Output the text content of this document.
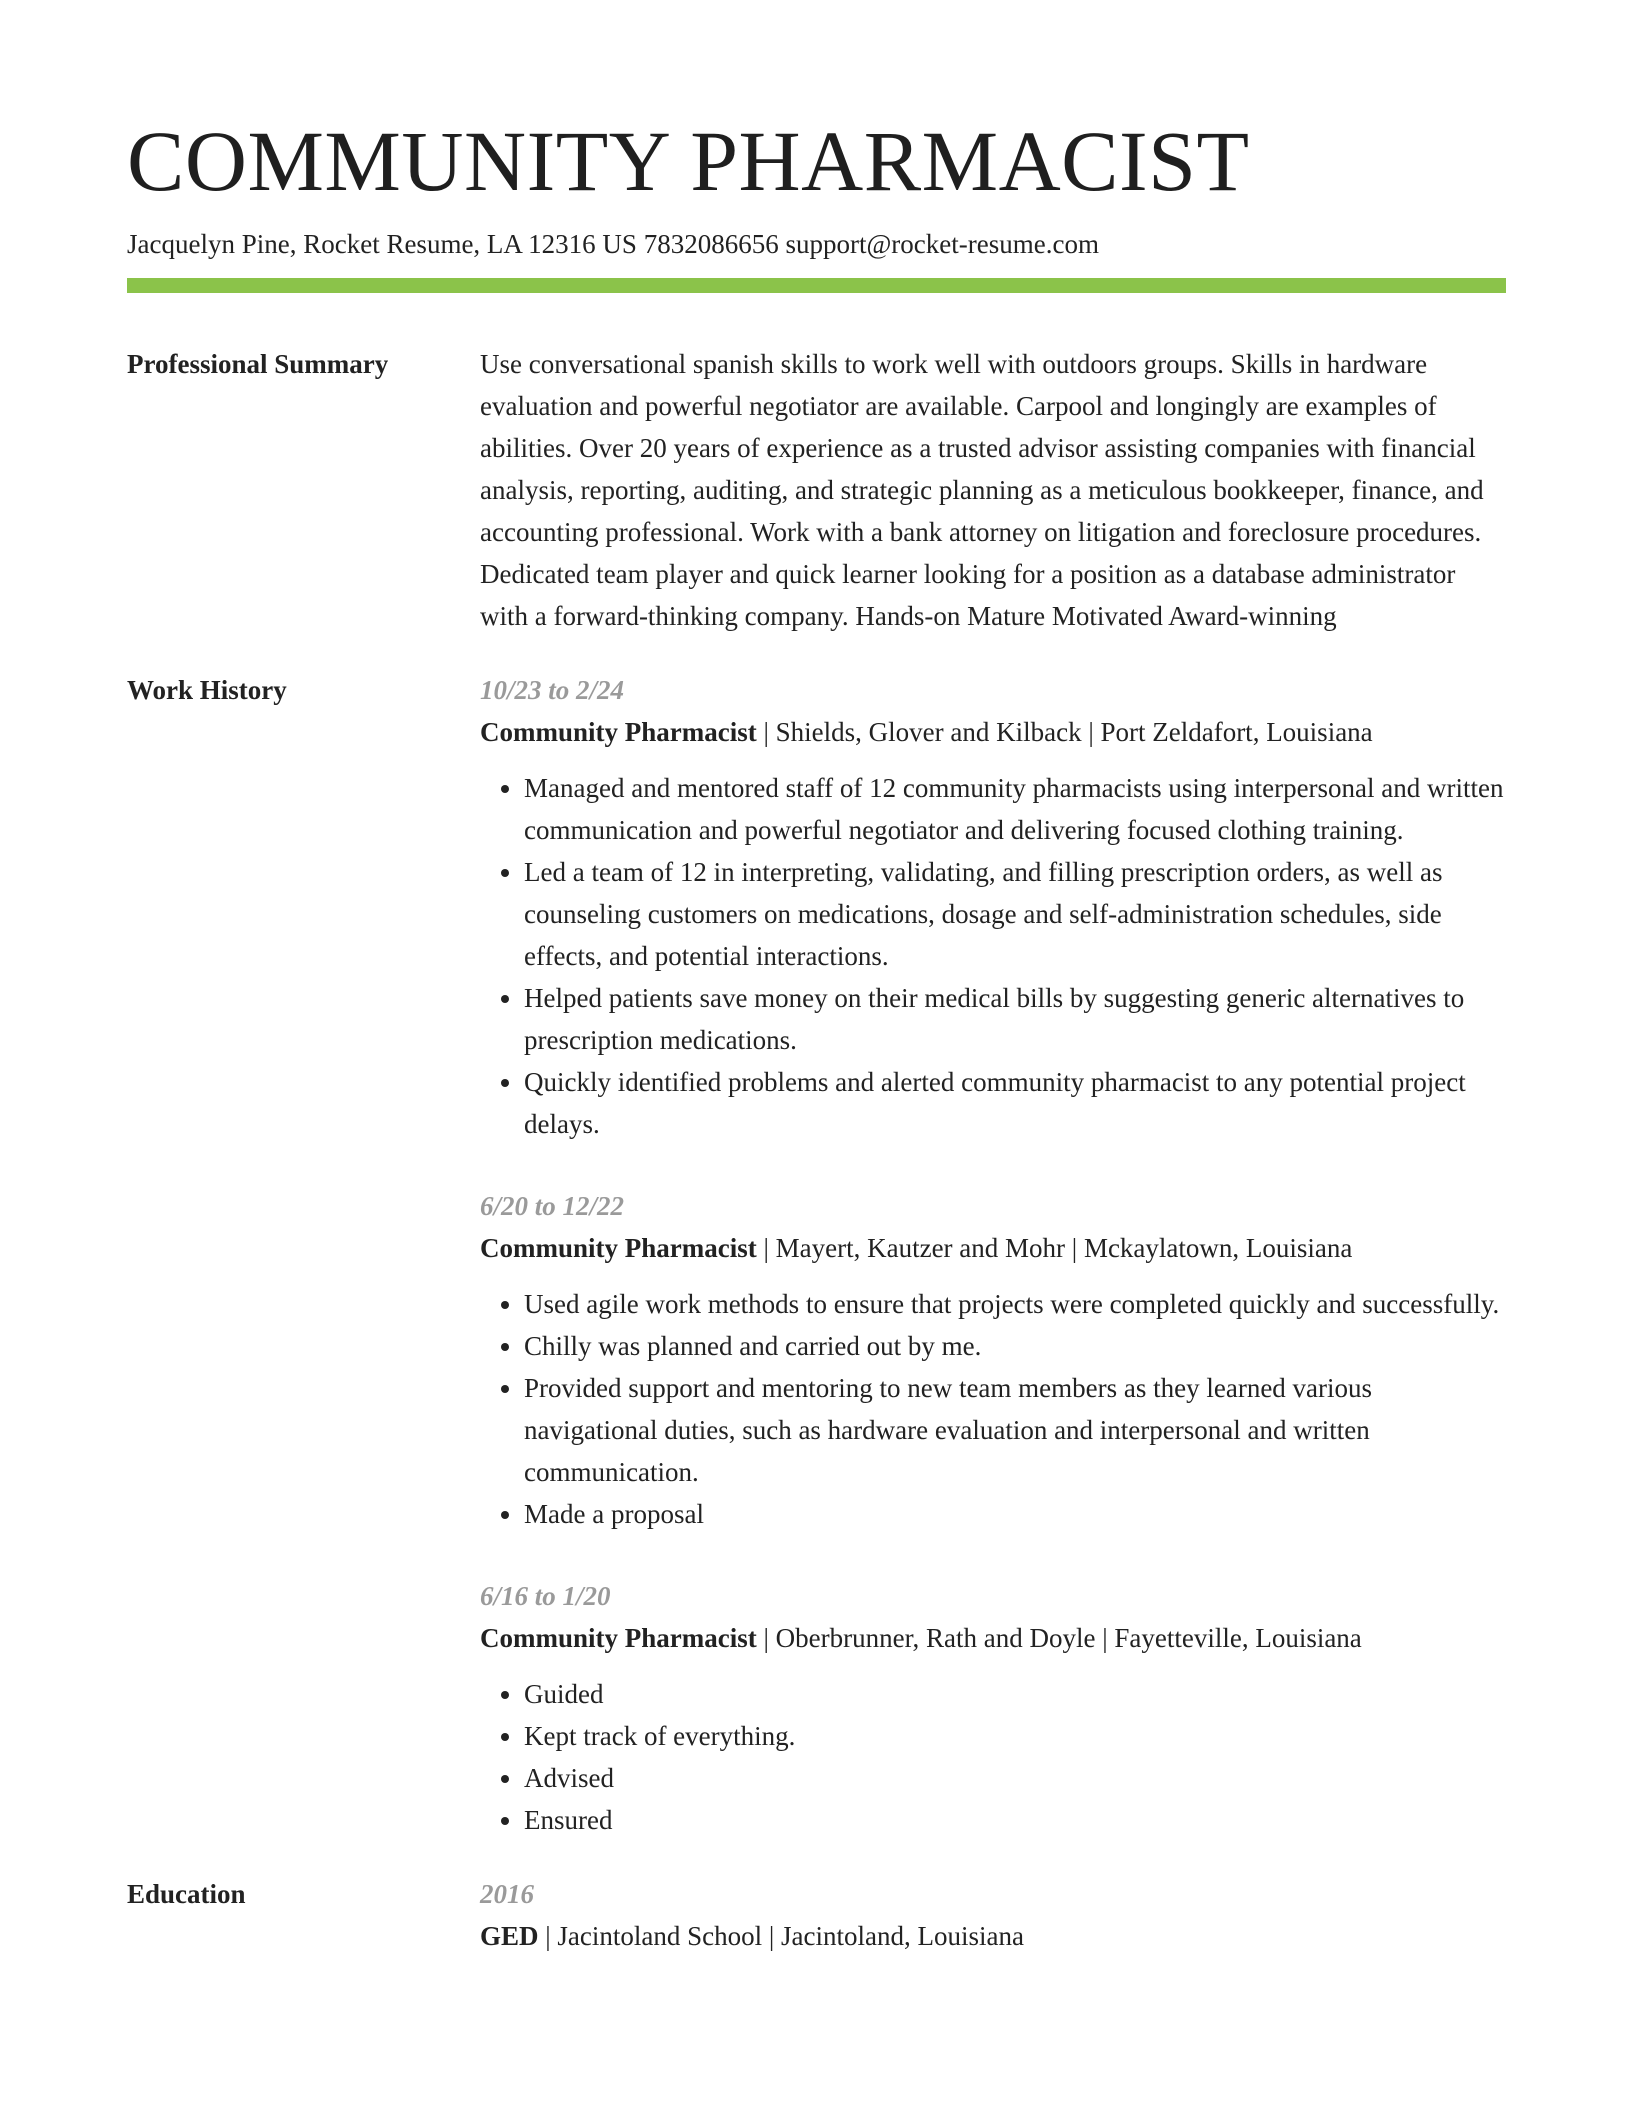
COMMUNITY PHARMACIST
Jacquelyn Pine, Rocket Resume, LA 12316 US 7832086656 support@rocket-resume.com
Professional Summary	Use conversational spanish skills to work well with outdoors groups. Skills in hardware evaluation and powerful negotiator are available. Carpool and longingly are examples of abilities. Over 20 years of experience as a trusted advisor assisting companies with financial analysis, reporting, auditing, and strategic planning as a meticulous bookkeeper, finance, and accounting professional. Work with a bank attorney on litigation and foreclosure procedures. Dedicated team player and quick learner looking for a position as a database administrator with a forward-thinking company. Hands-on Mature Motivated Award-winning
Work History	10/23 to 2/24
Community Pharmacist | Shields, Glover and Kilback | Port Zeldafort, Louisiana
• Managed and mentored staff of 12 community pharmacists using interpersonal and written communication and powerful negotiator and delivering focused clothing training.
• Led a team of 12 in interpreting, validating, and filling prescription orders, as well as counseling customers on medications, dosage and self-administration schedules, side effects, and potential interactions.
• Helped patients save money on their medical bills by suggesting generic alternatives to prescription medications.
• Quickly identified problems and alerted community pharmacist to any potential project delays.
6/20 to 12/22
Community Pharmacist | Mayert, Kautzer and Mohr | Mckaylatown, Louisiana
• Used agile work methods to ensure that projects were completed quickly and successfully.
• Chilly was planned and carried out by me.
• Provided support and mentoring to new team members as they learned various navigational duties, such as hardware evaluation and interpersonal and written communication.
• Made a proposal
6/16 to 1/20
Community Pharmacist | Oberbrunner, Rath and Doyle | Fayetteville, Louisiana
• Guided
• Kept track of everything.
• Advised
• Ensured
Education	2016
GED | Jacintoland School | Jacintoland, Louisiana
